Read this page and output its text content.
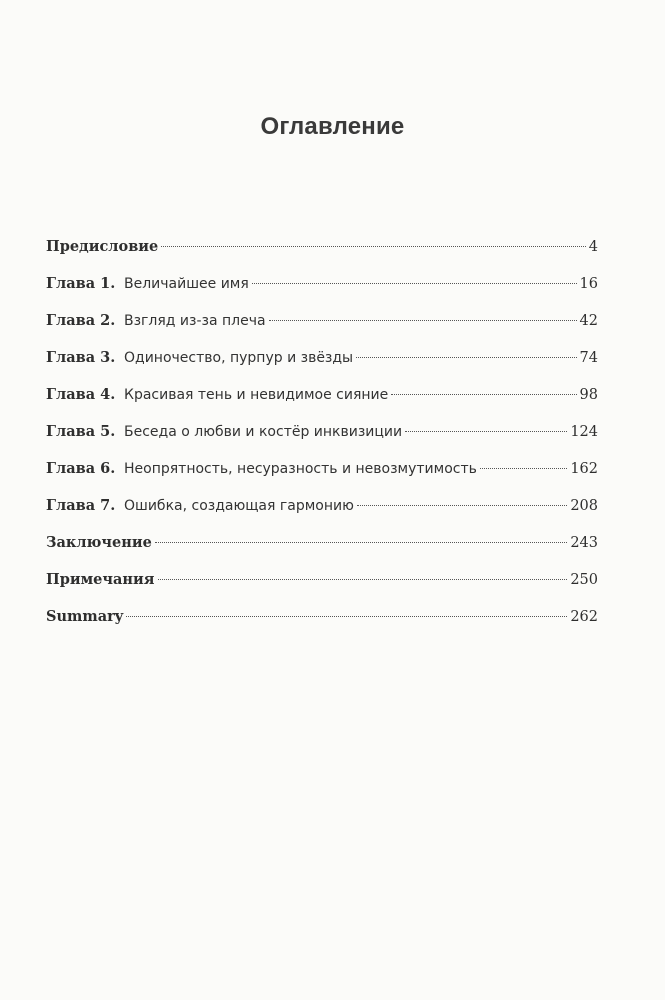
Оглавление
Предисловие	4
Глава 1. Величайшее имя	16
Глава 2. Взгляд из-за плеча	42
Глава 3. Одиночество, пурпур и звёзды	74
Глава 4. Красивая тень и невидимое сияние	98
Глава 5. Беседа о любви и костёр инквизиции	124
Глава 6. Неопрятность, несуразность и невозмутимость	162
Глава 7. Ошибка, создающая гармонию	208
Заключение	243
Примечания	250
Summary	262
